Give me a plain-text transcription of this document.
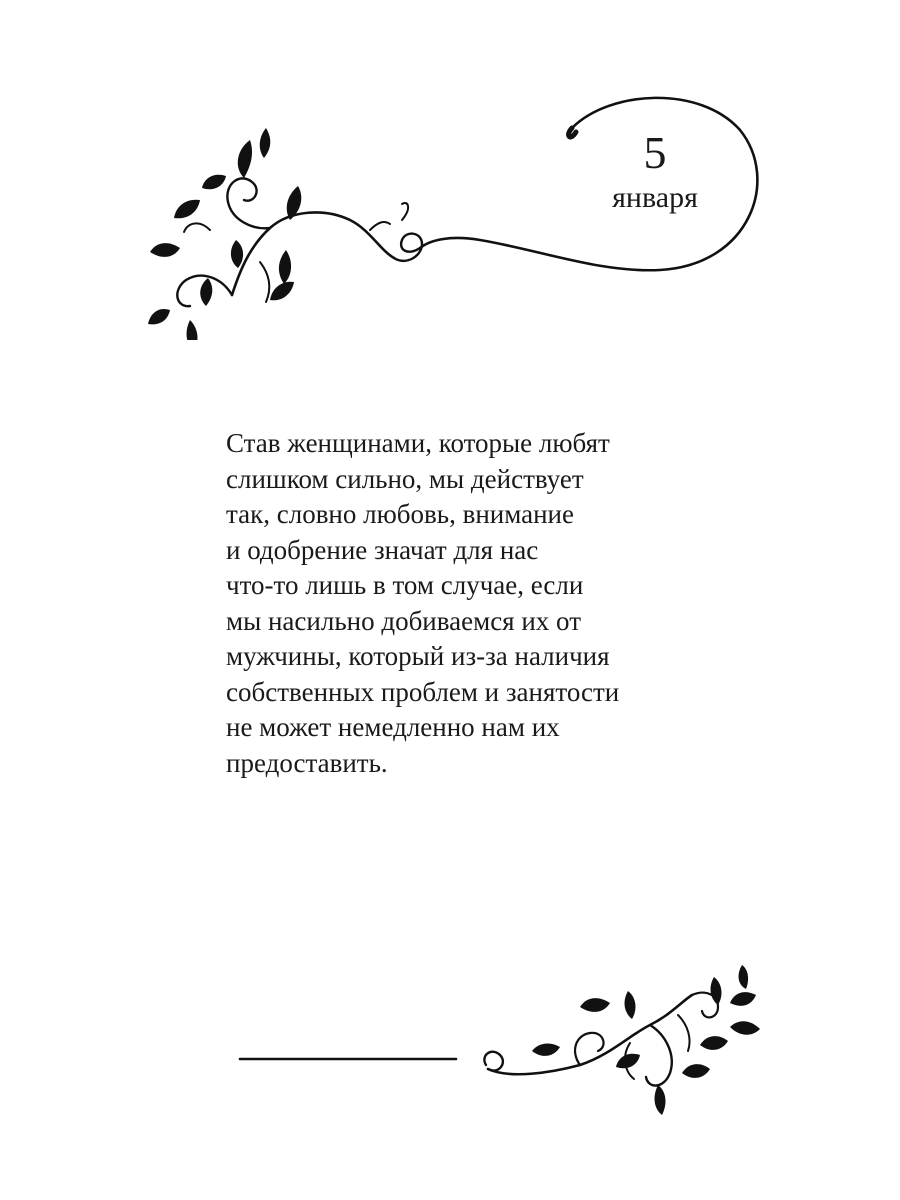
5
января

Став женщинами, которые любят
слишком сильно, мы действует
так, словно любовь, внимание
и одобрение значат для нас
что-то лишь в том случае, если
мы насильно добиваемся их от
мужчины, который из-за наличия
собственных проблем и занятости
не может немедленно нам их
предоставить.
